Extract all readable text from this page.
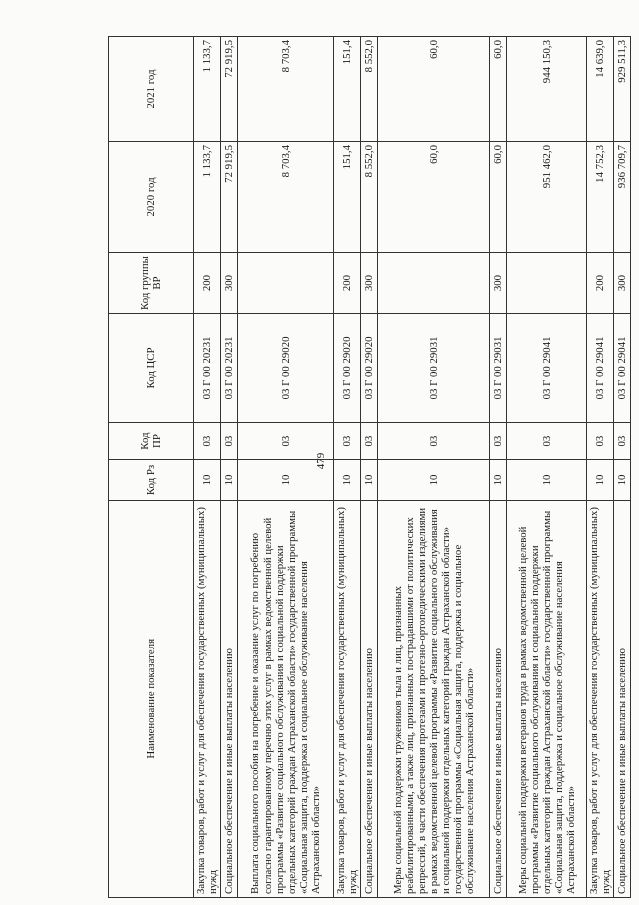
479
Наименование показателя	Код Рз	Код ПР	Код ЦСР	Код группы ВР	2020 год	2021 год
Закупка товаров, работ и услуг для обеспечения государственных (муниципальных) нужд	10	03	03 Г 00 20231	200	1 133,7	1 133,7
Социальное обеспечение и иные выплаты населению	10	03	03 Г 00 20231	300	72 919,5	72 919,5
Выплата социального пособия на погребение и оказание услуг по погребению согласно гарантированному перечню этих услуг в рамках ведомственной целевой программы «Развитие социального обслуживания и социальной поддержки отдельных категорий граждан Астраханской области» государственной программы «Социальная защита, поддержка и социальное обслуживание населения Астраханской области»	10	03	03 Г 00 29020		8 703,4	8 703,4
Закупка товаров, работ и услуг для обеспечения государственных (муниципальных) нужд	10	03	03 Г 00 29020	200	151,4	151,4
Социальное обеспечение и иные выплаты населению	10	03	03 Г 00 29020	300	8 552,0	8 552,0
Меры социальной поддержки тружеников тыла и лиц, признанных реабилитированными, а также лиц, признанных пострадавшими от политических репрессий, в части обеспечения протезами и протезно-ортопедическими изделиями в рамках ведомственной целевой программы «Развитие социального обслуживания и социальной поддержки отдельных категорий граждан Астраханской области» государственной программы «Социальная защита, поддержка и социальное обслуживание населения Астраханской области»	10	03	03 Г 00 29031		60,0	60,0
Социальное обеспечение и иные выплаты населению	10	03	03 Г 00 29031	300	60,0	60,0
Меры социальной поддержки ветеранов труда в рамках ведомственной целевой программы «Развитие социального обслуживания и социальной поддержки отдельных категорий граждан Астраханской области» государственной программы «Социальная защита, поддержка и социальное обслуживание населения Астраханской области»	10	03	03 Г 00 29041		951 462,0	944 150,3
Закупка товаров, работ и услуг для обеспечения государственных (муниципальных) нужд	10	03	03 Г 00 29041	200	14 752,3	14 639,0
Социальное обеспечение и иные выплаты населению	10	03	03 Г 00 29041	300	936 709,7	929 511,3
